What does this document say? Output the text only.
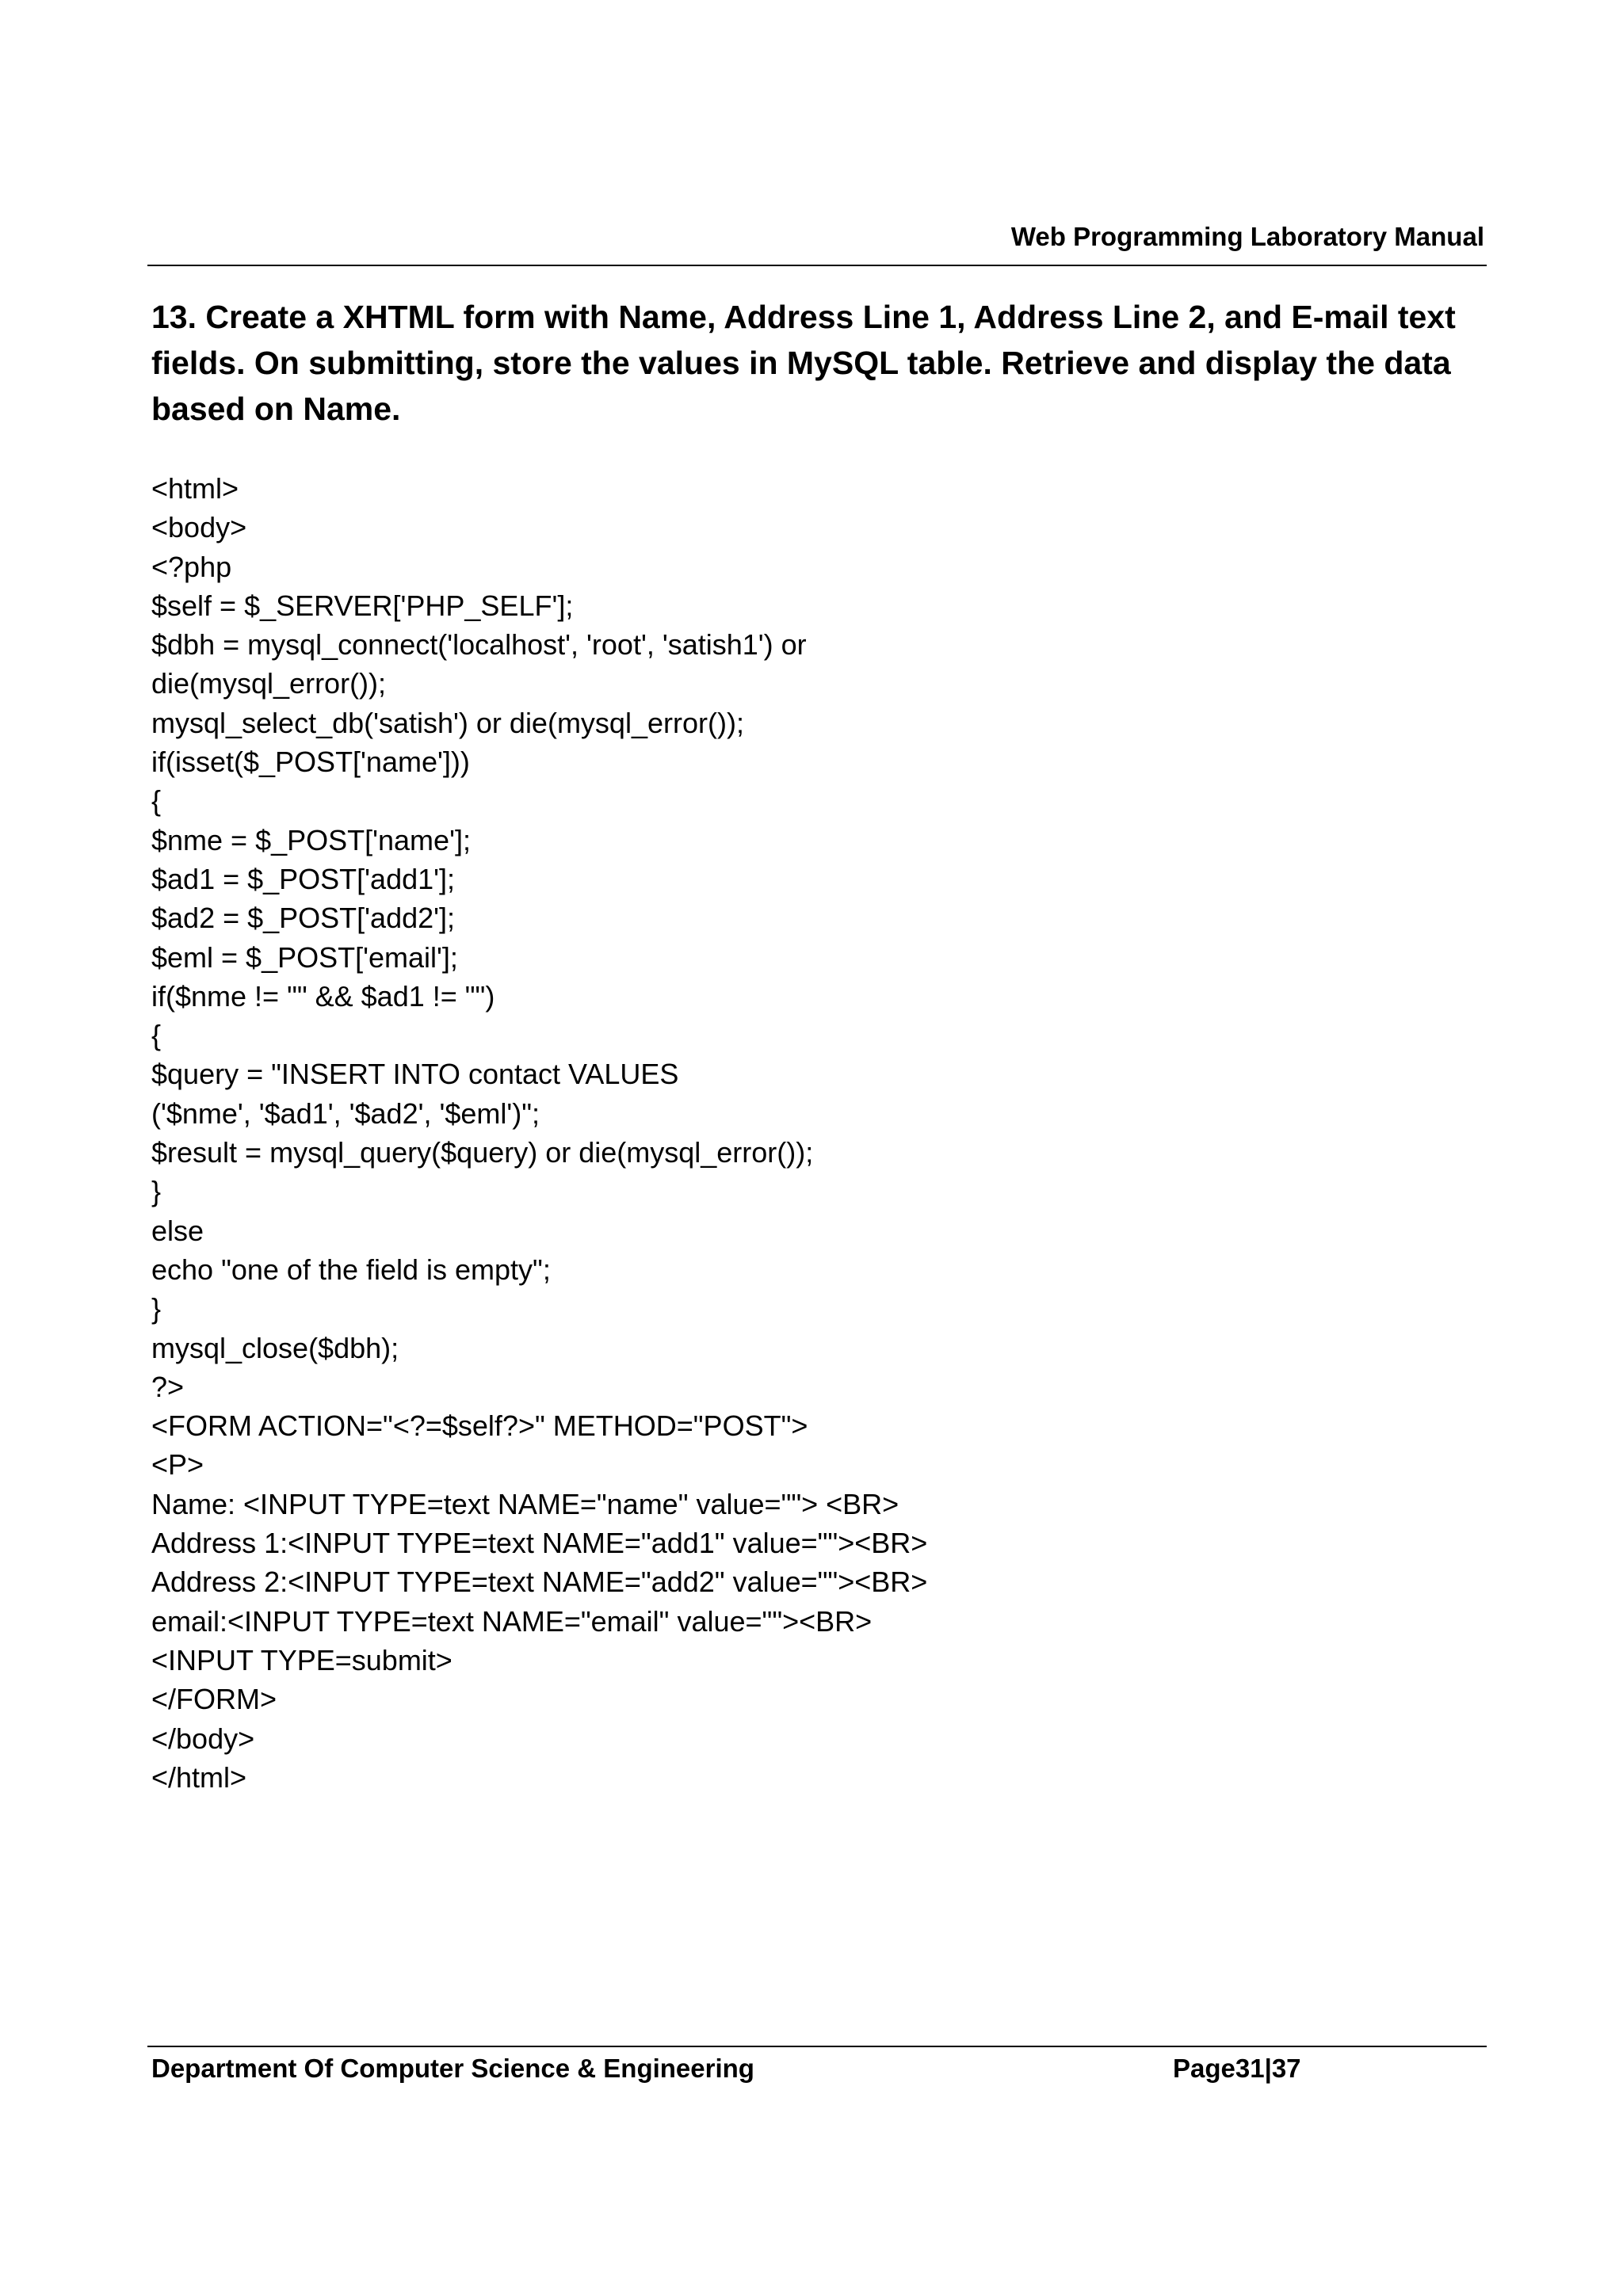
Web Programming Laboratory Manual
13. Create a XHTML form with Name, Address Line 1, Address Line 2, and E-mail text fields. On submitting, store the values in MySQL table. Retrieve and display the data based on Name.
<html>
<body>
<?php
$self = $_SERVER['PHP_SELF'];
$dbh = mysql_connect('localhost', 'root', 'satish1') or
die(mysql_error());
mysql_select_db('satish') or die(mysql_error());
if(isset($_POST['name']))
{
$nme = $_POST['name'];
$ad1 = $_POST['add1'];
$ad2 = $_POST['add2'];
$eml = $_POST['email'];
if($nme != "" && $ad1 != "")
{
$query = "INSERT INTO contact VALUES
('$nme', '$ad1', '$ad2', '$eml')";
$result = mysql_query($query) or die(mysql_error());
}
else
echo "one of the field is empty";
}
mysql_close($dbh);
?>
<FORM ACTION="<?=$self?>" METHOD="POST">
<P>
Name: <INPUT TYPE=text NAME="name" value=""> <BR>
Address 1:<INPUT TYPE=text NAME="add1" value=""><BR>
Address 2:<INPUT TYPE=text NAME="add2" value=""><BR>
email:<INPUT TYPE=text NAME="email" value=""><BR>
<INPUT TYPE=submit>
</FORM>
</body>
</html>
Department Of Computer Science & Engineering	Page31|37
